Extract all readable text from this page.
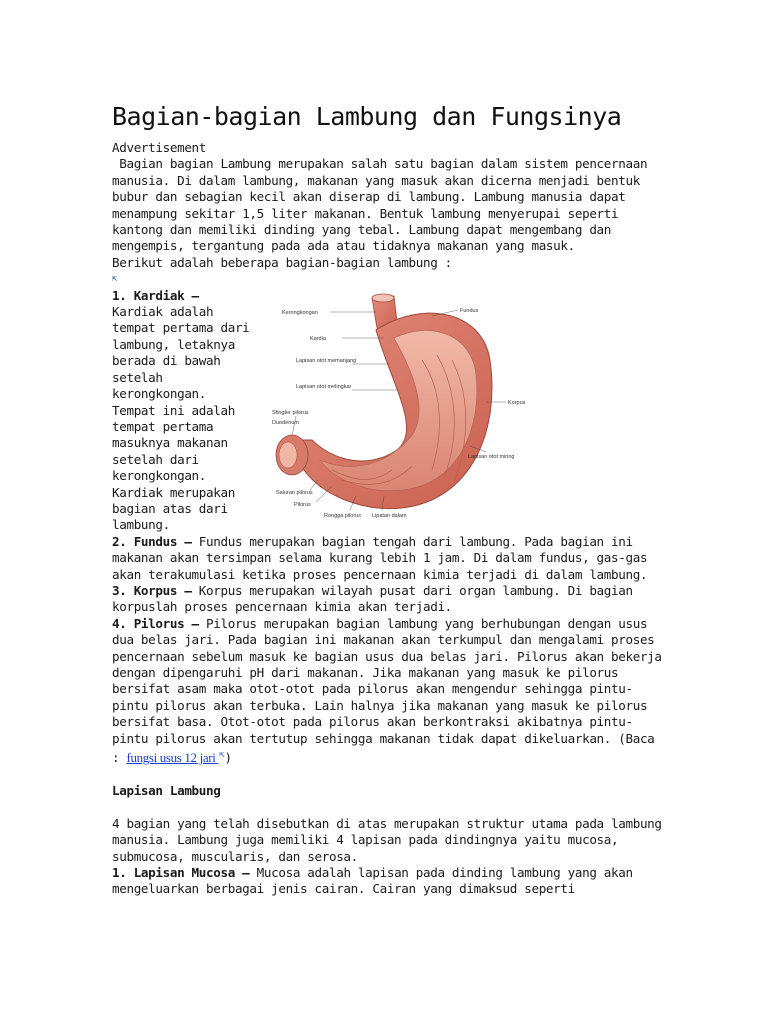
Bagian-bagian Lambung dan Fungsinya

Advertisement

Bagian bagian Lambung merupakan salah satu bagian dalam sistem pencernaan manusia. Di dalam lambung, makanan yang masuk akan dicerna menjadi bentuk bubur dan sebagian kecil akan diserap di lambung. Lambung manusia dapat menampung sekitar 1,5 liter makanan. Bentuk lambung menyerupai seperti kantong dan memiliki dinding yang tebal. Lambung dapat mengembang dan mengempis, tergantung pada ada atau tidaknya makanan yang masuk.

Berikut adalah beberapa bagian-bagian lambung :
⇱

1. Kardiak —

Kardiak adalah tempat pertama dari lambung, letaknya berada di bawah setelah kerongkongan. Tempat ini adalah tempat pertama masuknya makanan setelah dari kerongkongan. Kardiak merupakan bagian atas dari lambung.

Kerongkongan	Fundus
Kardia
Lapisan otot memanjang
Lapisan otot melingkar
Sfingter pilorus
Duodenum
Korpus
Lapisan otot miring
Saluran pilorus
Pilorus
Rongga pilorus Lipatan dalam

2. Fundus — Fundus merupakan bagian tengah dari lambung. Pada bagian ini makanan akan tersimpan selama kurang lebih 1 jam. Di dalam fundus, gas-gas akan terakumulasi ketika proses pencernaan kimia terjadi di dalam lambung.

3. Korpus — Korpus merupakan wilayah pusat dari organ lambung. Di bagian korpuslah proses pencernaan kimia akan terjadi.

4. Pilorus — Pilorus merupakan bagian lambung yang berhubungan dengan usus dua belas jari. Pada bagian ini makanan akan terkumpul dan mengalami proses pencernaan sebelum masuk ke bagian usus dua belas jari. Pilorus akan bekerja dengan dipengaruhi pH dari makanan. Jika makanan yang masuk ke pilorus bersifat asam maka otot-otot pada pilorus akan mengendur sehingga pintu-pintu pilorus akan terbuka. Lain halnya jika makanan yang masuk ke pilorus bersifat basa. Otot-otot pada pilorus akan berkontraksi akibatnya pintu-pintu pilorus akan tertutup sehingga makanan tidak dapat dikeluarkan. (Baca : fungsi usus 12 jari ⇱)

Lapisan Lambung

4 bagian yang telah disebutkan di atas merupakan struktur utama pada lambung manusia. Lambung juga memiliki 4 lapisan pada dindingnya yaitu mucosa, submucosa, muscularis, dan serosa.

1. Lapisan Mucosa — Mucosa adalah lapisan pada dinding lambung yang akan mengeluarkan berbagai jenis cairan. Cairan yang dimaksud seperti
